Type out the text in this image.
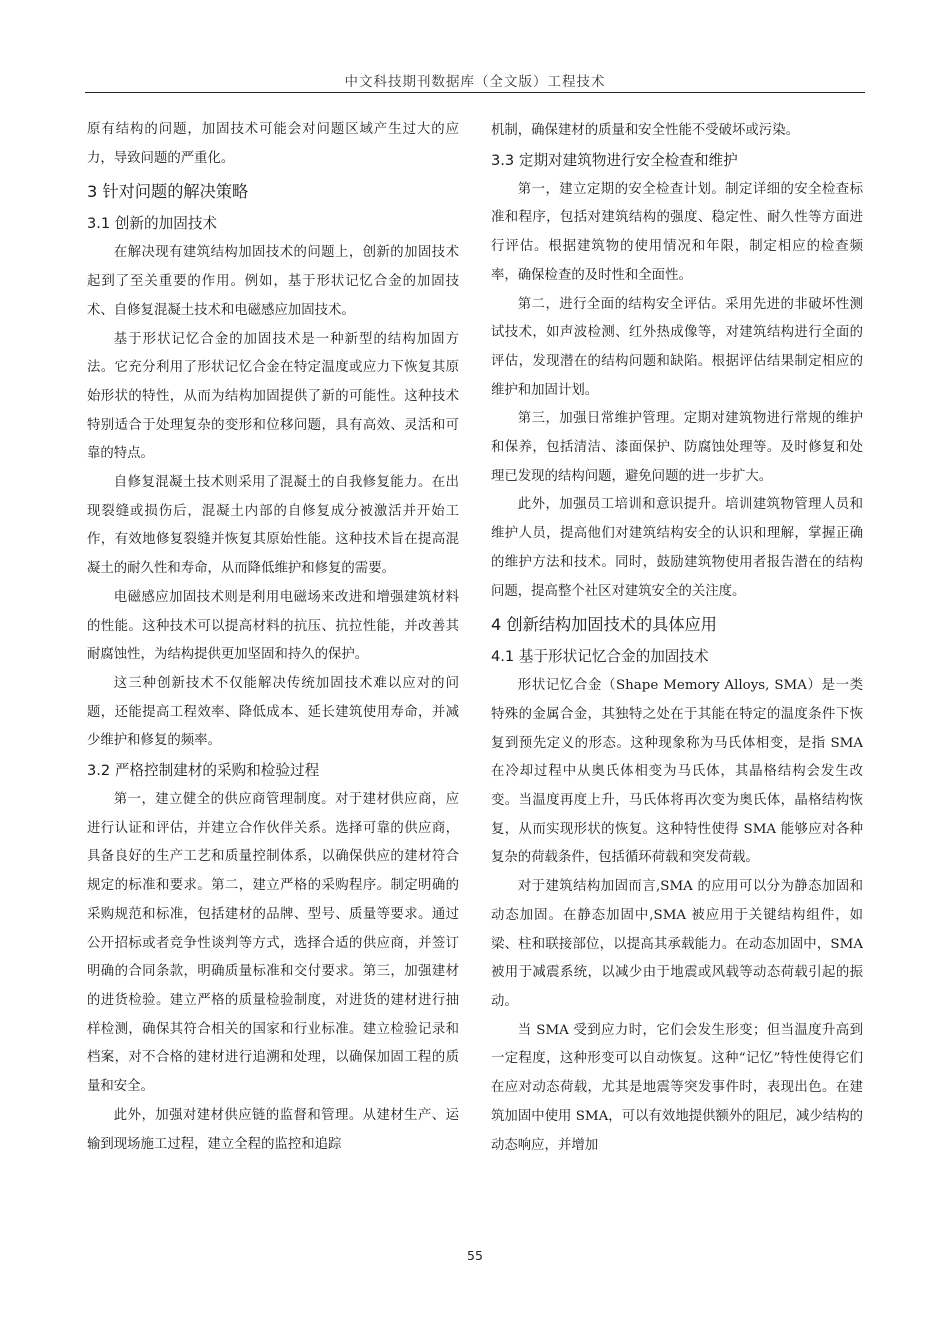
中文科技期刊数据库（全文版）工程技术

原有结构的问题，加固技术可能会对问题区域产生过大的应力，导致问题的严重化。

3 针对问题的解决策略
3.1 创新的加固技术

在解决现有建筑结构加固技术的问题上，创新的加固技术起到了至关重要的作用。例如，基于形状记忆合金的加固技术、自修复混凝土技术和电磁感应加固技术。

基于形状记忆合金的加固技术是一种新型的结构加固方法。它充分利用了形状记忆合金在特定温度或应力下恢复其原始形状的特性，从而为结构加固提供了新的可能性。这种技术特别适合于处理复杂的变形和位移问题，具有高效、灵活和可靠的特点。

自修复混凝土技术则采用了混凝土的自我修复能力。在出现裂缝或损伤后，混凝土内部的自修复成分被激活并开始工作，有效地修复裂缝并恢复其原始性能。这种技术旨在提高混凝土的耐久性和寿命，从而降低维护和修复的需要。

电磁感应加固技术则是利用电磁场来改进和增强建筑材料的性能。这种技术可以提高材料的抗压、抗拉性能，并改善其耐腐蚀性，为结构提供更加坚固和持久的保护。

这三种创新技术不仅能解决传统加固技术难以应对的问题，还能提高工程效率、降低成本、延长建筑使用寿命，并减少维护和修复的频率。

3.2 严格控制建材的采购和检验过程

第一，建立健全的供应商管理制度。对于建材供应商，应进行认证和评估，并建立合作伙伴关系。选择可靠的供应商，具备良好的生产工艺和质量控制体系，以确保供应的建材符合规定的标准和要求。第二，建立严格的采购程序。制定明确的采购规范和标准，包括建材的品牌、型号、质量等要求。通过公开招标或者竞争性谈判等方式，选择合适的供应商，并签订明确的合同条款，明确质量标准和交付要求。第三，加强建材的进货检验。建立严格的质量检验制度，对进货的建材进行抽样检测，确保其符合相关的国家和行业标准。建立检验记录和档案，对不合格的建材进行追溯和处理，以确保加固工程的质量和安全。

此外，加强对建材供应链的监督和管理。从建材生产、运输到现场施工过程，建立全程的监控和追踪

机制，确保建材的质量和安全性能不受破坏或污染。

3.3 定期对建筑物进行安全检查和维护

第一，建立定期的安全检查计划。制定详细的安全检查标准和程序，包括对建筑结构的强度、稳定性、耐久性等方面进行评估。根据建筑物的使用情况和年限，制定相应的检查频率，确保检查的及时性和全面性。

第二，进行全面的结构安全评估。采用先进的非破坏性测试技术，如声波检测、红外热成像等，对建筑结构进行全面的评估，发现潜在的结构问题和缺陷。根据评估结果制定相应的维护和加固计划。

第三，加强日常维护管理。定期对建筑物进行常规的维护和保养，包括清洁、漆面保护、防腐蚀处理等。及时修复和处理已发现的结构问题，避免问题的进一步扩大。

此外，加强员工培训和意识提升。培训建筑物管理人员和维护人员，提高他们对建筑结构安全的认识和理解，掌握正确的维护方法和技术。同时，鼓励建筑物使用者报告潜在的结构问题，提高整个社区对建筑安全的关注度。

4 创新结构加固技术的具体应用
4.1 基于形状记忆合金的加固技术

形状记忆合金（Shape Memory Alloys, SMA）是一类特殊的金属合金，其独特之处在于其能在特定的温度条件下恢复到预先定义的形态。这种现象称为马氏体相变，是指 SMA 在冷却过程中从奥氏体相变为马氏体，其晶格结构会发生改变。当温度再度上升，马氏体将再次变为奥氏体，晶格结构恢复，从而实现形状的恢复。这种特性使得 SMA 能够应对各种复杂的荷载条件，包括循环荷载和突发荷载。

对于建筑结构加固而言,SMA 的应用可以分为静态加固和动态加固。在静态加固中,SMA 被应用于关键结构组件，如梁、柱和联接部位，以提高其承载能力。在动态加固中，SMA 被用于减震系统，以减少由于地震或风载等动态荷载引起的振动。

当 SMA 受到应力时，它们会发生形变；但当温度升高到一定程度，这种形变可以自动恢复。这种“记忆”特性使得它们在应对动态荷载，尤其是地震等突发事件时，表现出色。在建筑加固中使用 SMA，可以有效地提供额外的阻尼，减少结构的动态响应，并增加

55
